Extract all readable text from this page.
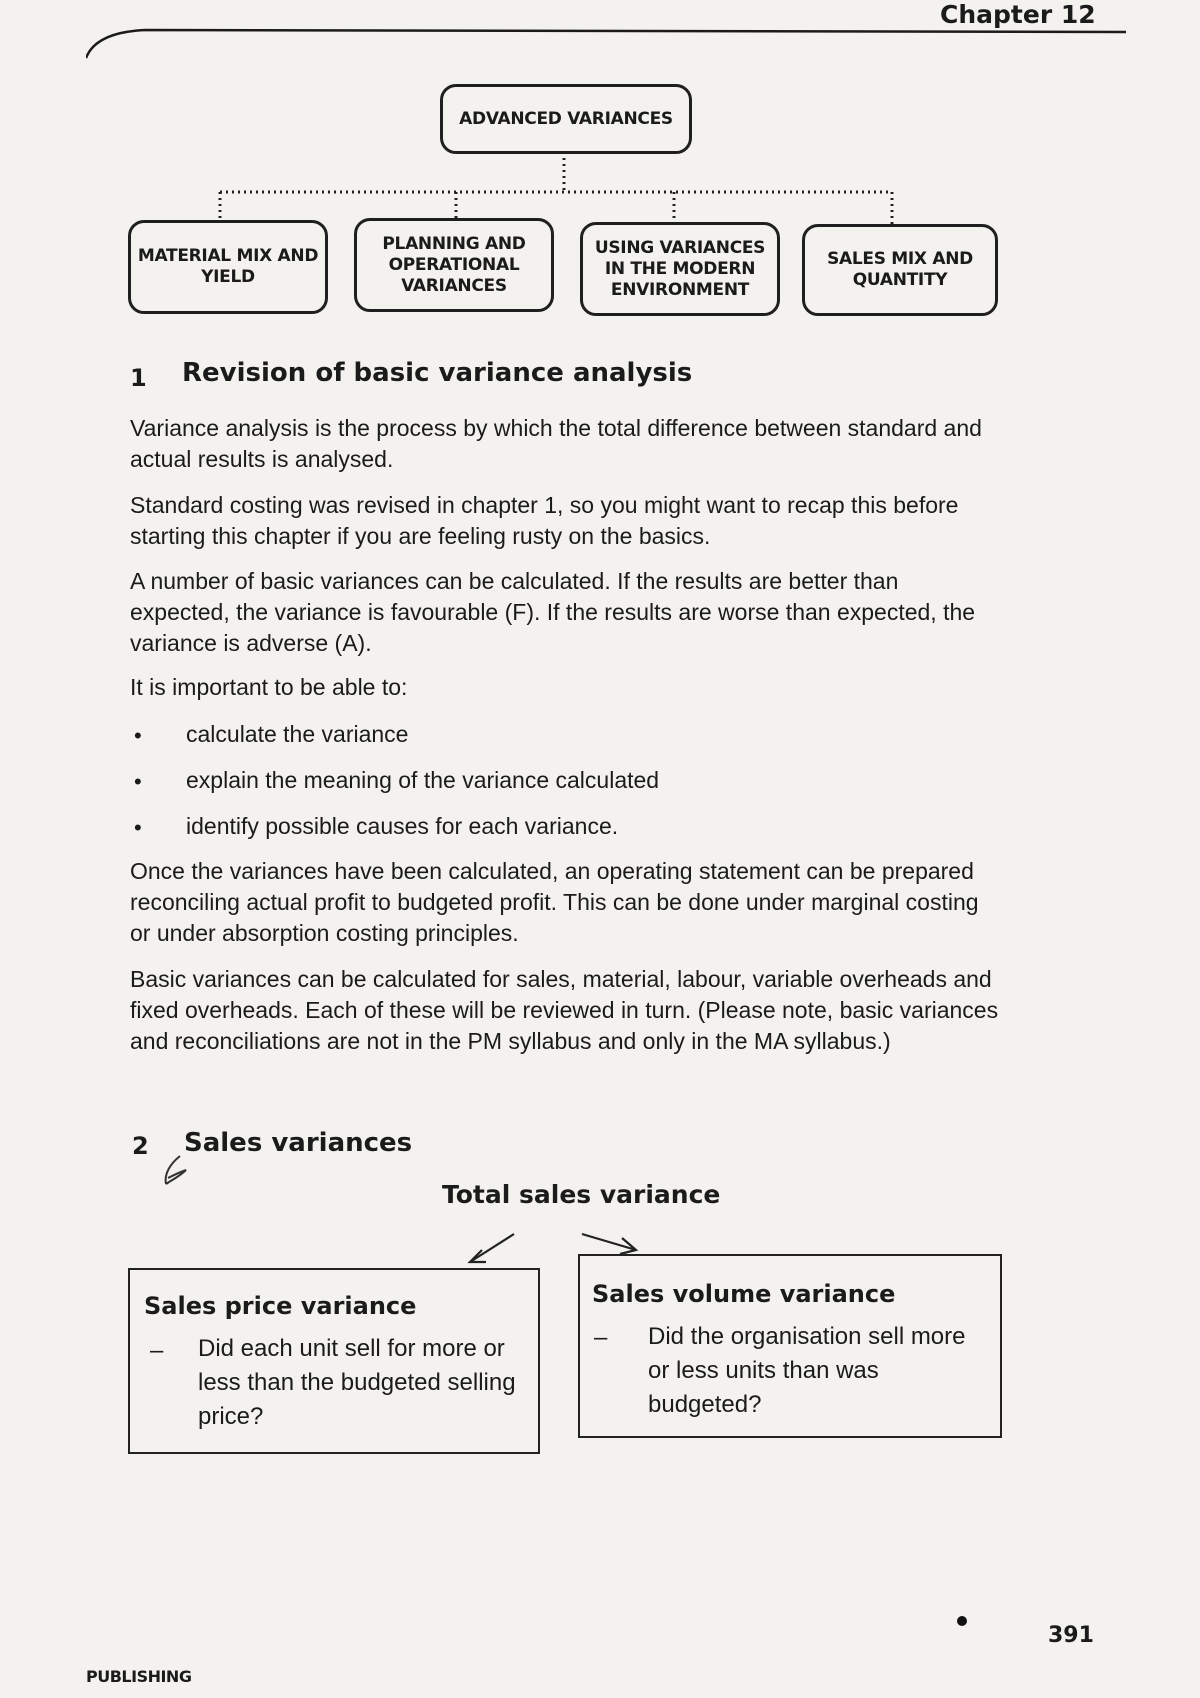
Chapter 12
ADVANCED VARIANCES
MATERIAL MIX AND
YIELD
PLANNING AND
OPERATIONAL
VARIANCES
USING VARIANCES
IN THE MODERN
ENVIRONMENT
SALES MIX AND
QUANTITY
1 Revision of basic variance analysis
Variance analysis is the process by which the total difference between standard and actual results is analysed.
Standard costing was revised in chapter 1, so you might want to recap this before starting this chapter if you are feeling rusty on the basics.
A number of basic variances can be calculated. If the results are better than expected, the variance is favourable (F). If the results are worse than expected, the variance is adverse (A).
It is important to be able to:
• calculate the variance
• explain the meaning of the variance calculated
• identify possible causes for each variance.
Once the variances have been calculated, an operating statement can be prepared reconciling actual profit to budgeted profit. This can be done under marginal costing or under absorption costing principles.
Basic variances can be calculated for sales, material, labour, variable overheads and fixed overheads. Each of these will be reviewed in turn. (Please note, basic variances and reconciliations are not in the PM syllabus and only in the MA syllabus.)
2 Sales variances
Total sales variance
Sales price variance
– Did each unit sell for more or less than the budgeted selling price?
Sales volume variance
– Did the organisation sell more or less units than was budgeted?
391
PUBLISHING
